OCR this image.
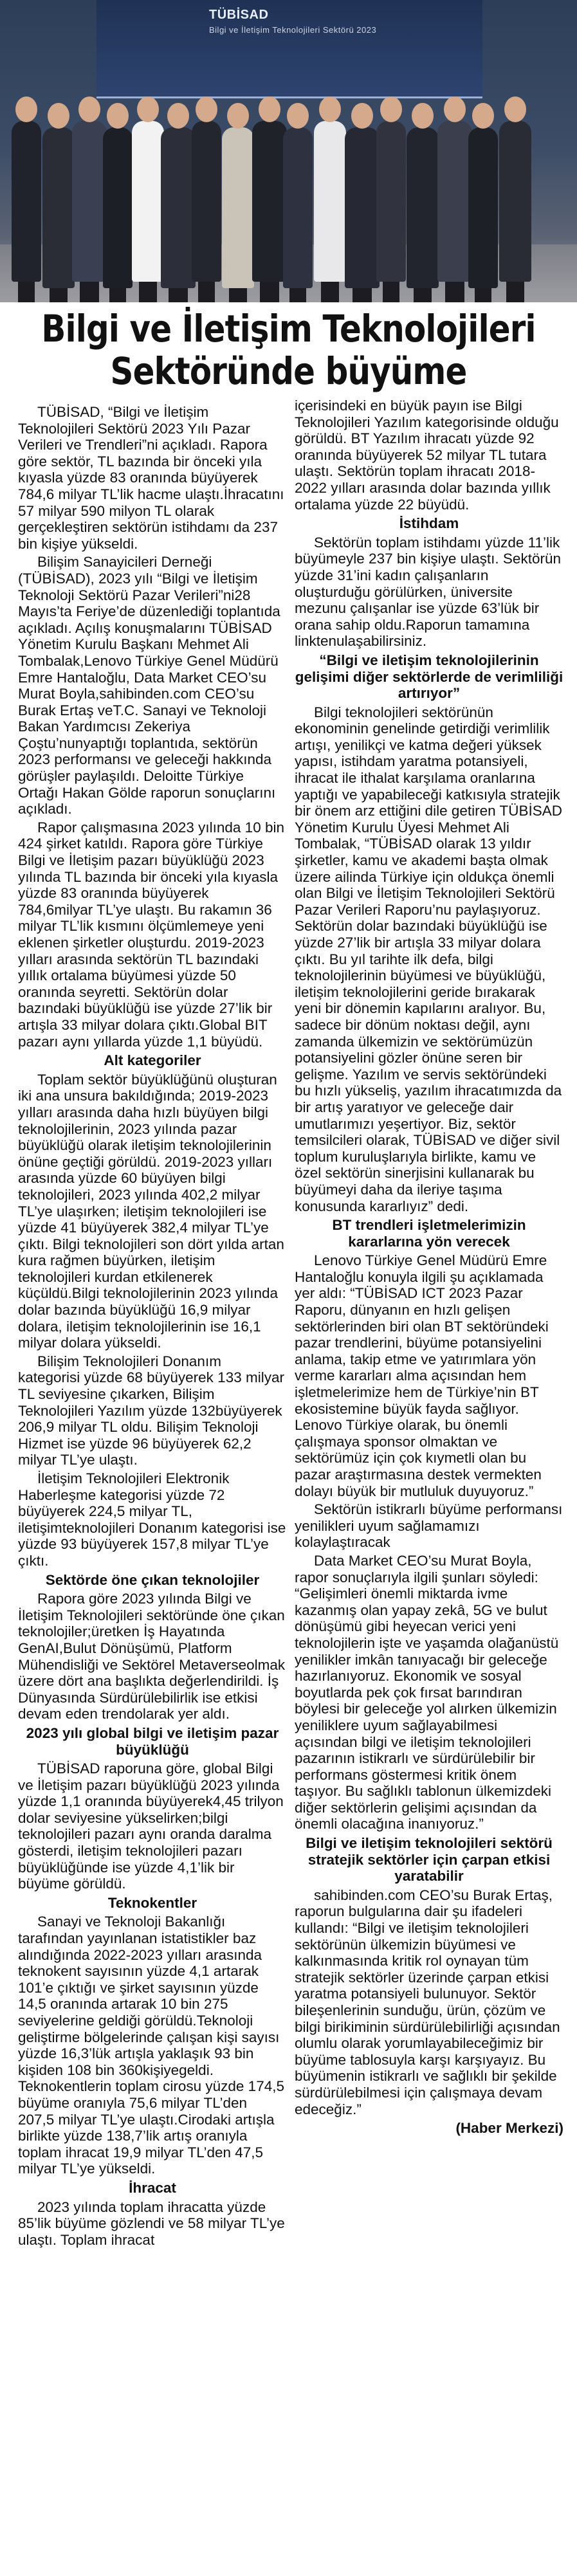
TÜBİSAD
Bilgi ve İletişim Teknolojileri Sektörü 2023
Bilgi ve İletişim Teknolojileri
Sektöründe büyüme

TÜBİSAD, “Bilgi ve İletişim Teknolojileri Sektörü 2023 Yılı Pazar Verileri ve Trendleri”ni açıkladı. Rapora göre sektör, TL bazında bir önceki yıla kıyasla yüzde 83 oranında büyüyerek 784,6 milyar TL’lik hacme ulaştı.İhracatını 57 milyar 590 milyon TL olarak gerçekleştiren sektörün istihdamı da 237 bin kişiye yükseldi.

Bilişim Sanayicileri Derneği (TÜBİSAD), 2023 yılı “Bilgi ve İletişim Teknoloji Sektörü Pazar Verileri”ni28 Mayıs’ta Feriye’de düzenlediği toplantıda açıkladı. Açılış konuşmalarını TÜBİSAD Yönetim Kurulu Başkanı Mehmet Ali Tombalak,Lenovo Türkiye Genel Müdürü Emre Hantaloğlu, Data Market CEO’su Murat Boyla,sahibinden.com CEO’su Burak Ertaş veT.C. Sanayi ve Teknoloji Bakan Yardımcısı Zekeriya Çoştu’nunyaptığı toplantıda, sektörün 2023 performansı ve geleceği hakkında görüşler paylaşıldı. Deloitte Türkiye Ortağı Hakan Gölde raporun sonuçlarını açıkladı.

Rapor çalışmasına 2023 yılında 10 bin 424 şirket katıldı. Rapora göre Türkiye Bilgi ve İletişim pazarı büyüklüğü 2023 yılında TL bazında bir önceki yıla kıyasla yüzde 83 oranında büyüyerek 784,6milyar TL’ye ulaştı. Bu rakamın 36 milyar TL’lik kısmını ölçümlemeye yeni eklenen şirketler oluşturdu. 2019-2023 yılları arasında sektörün TL bazındaki yıllık ortalama büyümesi yüzde 50 oranında seyretti. Sektörün dolar bazındaki büyüklüğü ise yüzde 27’lik bir artışla 33 milyar dolara çıktı.Global BIT pazarı aynı yıllarda yüzde 1,1 büyüdü.

Alt kategoriler

Toplam sektör büyüklüğünü oluşturan iki ana unsura bakıldığında; 2019-2023 yılları arasında daha hızlı büyüyen bilgi teknolojilerinin, 2023 yılında pazar büyüklüğü olarak iletişim teknolojilerinin önüne geçtiği görüldü. 2019-2023 yılları arasında yüzde 60 büyüyen bilgi teknolojileri, 2023 yılında 402,2 milyar TL’ye ulaşırken; iletişim teknolojileri ise yüzde 41 büyüyerek 382,4 milyar TL’ye çıktı. Bilgi teknolojileri son dört yılda artan kura rağmen büyürken, iletişim teknolojileri kurdan etkilenerek küçüldü.Bilgi teknolojilerinin 2023 yılında dolar bazında büyüklüğü 16,9 milyar dolara, iletişim teknolojilerinin ise 16,1 milyar dolara yükseldi.

Bilişim Teknolojileri Donanım kategorisi yüzde 68 büyüyerek 133 milyar TL seviyesine çıkarken, Bilişim Teknolojileri Yazılım yüzde 132büyüyerek 206,9 milyar TL oldu. Bilişim Teknoloji Hizmet ise yüzde 96 büyüyerek 62,2 milyar TL’ye ulaştı.

İletişim Teknolojileri Elektronik Haberleşme kategorisi yüzde 72 büyüyerek 224,5 milyar TL, iletişimteknolojileri Donanım kategorisi ise yüzde 93 büyüyerek 157,8 milyar TL’ye çıktı.

Sektörde öne çıkan teknolojiler

Rapora göre 2023 yılında Bilgi ve İletişim Teknolojileri sektöründe öne çıkan teknolojiler;üretken İş Hayatında GenAI,Bulut Dönüşümü, Platform Mühendisliği ve Sektörel Metaverseolmak üzere dört ana başlıkta değerlendirildi. İş Dünyasında Sürdürülebilirlik ise etkisi devam eden trendolarak yer aldı.

2023 yılı global bilgi ve iletişim pazar büyüklüğü

TÜBİSAD raporuna göre, global Bilgi ve İletişim pazarı büyüklüğü 2023 yılında yüzde 1,1 oranında büyüyerek4,45 trilyon dolar seviyesine yükselirken;bilgi teknolojileri pazarı aynı oranda daralma gösterdi, iletişim teknolojileri pazarı büyüklüğünde ise yüzde 4,1’lik bir büyüme görüldü.

Teknokentler

Sanayi ve Teknoloji Bakanlığı tarafından yayınlanan istatistikler baz alındığında 2022-2023 yılları arasında teknokent sayısının yüzde 4,1 artarak 101’e çıktığı ve şirket sayısının yüzde 14,5 oranında artarak 10 bin 275 seviyelerine geldiği görüldü.Teknoloji geliştirme bölgelerinde çalışan kişi sayısı yüzde 16,3’lük artışla yaklaşık 93 bin kişiden 108 bin 360kişiyegeldi. Teknokentlerin toplam cirosu yüzde 174,5 büyüme oranıyla 75,6 milyar TL’den 207,5 milyar TL’ye ulaştı.Cirodaki artışla birlikte yüzde 138,7’lik artış oranıyla toplam ihracat 19,9 milyar TL’den 47,5 milyar TL’ye yükseldi.

İhracat

2023 yılında toplam ihracatta yüzde 85’lik büyüme gözlendi ve 58 milyar TL’ye ulaştı. Toplam ihracat

içerisindeki en büyük payın ise Bilgi Teknolojileri Yazılım kategorisinde olduğu görüldü. BT Yazılım ihracatı yüzde 92 oranında büyüyerek 52 milyar TL tutara ulaştı. Sektörün toplam ihracatı 2018-2022 yılları arasında dolar bazında yıllık ortalama yüzde 22 büyüdü.

İstihdam

Sektörün toplam istihdamı yüzde 11’lik büyümeyle 237 bin kişiye ulaştı. Sektörün yüzde 31’ini kadın çalışanların oluşturduğu görülürken, üniversite mezunu çalışanlar ise yüzde 63’lük bir orana sahip oldu.Raporun tamamına linktenulaşabilirsiniz.

“Bilgi ve iletişim teknolojilerinin gelişimi diğer sektörlerde de verimliliği artırıyor”

Bilgi teknolojileri sektörünün ekonominin genelinde getirdiği verimlilik artışı, yenilikçi ve katma değeri yüksek yapısı, istihdam yaratma potansiyeli, ihracat ile ithalat karşılama oranlarına yaptığı ve yapabileceği katkısıyla stratejik bir önem arz ettiğini dile getiren TÜBİSAD Yönetim Kurulu Üyesi Mehmet Ali Tombalak, “TÜBİSAD olarak 13 yıldır şirketler, kamu ve akademi başta olmak üzere ailinda Türkiye için oldukça önemli olan Bilgi ve İletişim Teknolojileri Sektörü Pazar Verileri Raporu’nu paylaşıyoruz. Sektörün dolar bazındaki büyüklüğü ise yüzde 27’lik bir artışla 33 milyar dolara çıktı. Bu yıl tarihte ilk defa, bilgi teknolojilerinin büyümesi ve büyüklüğü, iletişim teknolojilerini geride bırakarak yeni bir dönemin kapılarını aralıyor. Bu, sadece bir dönüm noktası değil, aynı zamanda ülkemizin ve sektörümüzün potansiyelini gözler önüne seren bir gelişme. Yazılım ve servis sektöründeki bu hızlı yükseliş, yazılım ihracatımızda da bir artış yaratıyor ve geleceğe dair umutlarımızı yeşertiyor. Biz, sektör temsilcileri olarak, TÜBİSAD ve diğer sivil toplum kuruluşlarıyla birlikte, kamu ve özel sektörün sinerjisini kullanarak bu büyümeyi daha da ileriye taşıma konusunda kararlıyız” dedi.

BT trendleri işletmelerimizin kararlarına yön verecek

Lenovo Türkiye Genel Müdürü Emre Hantaloğlu konuyla ilgili şu açıklamada yer aldı: “TÜBİSAD ICT 2023 Pazar Raporu, dünyanın en hızlı gelişen sektörlerinden biri olan BT sektöründeki pazar trendlerini, büyüme potansiyelini anlama, takip etme ve yatırımlara yön verme kararları alma açısından hem işletmelerimize hem de Türkiye’nin BT ekosistemine büyük fayda sağlıyor. Lenovo Türkiye olarak, bu önemli çalışmaya sponsor olmaktan ve sektörümüz için çok kıymetli olan bu pazar araştırmasına destek vermekten dolayı büyük bir mutluluk duyuyoruz.”

Sektörün istikrarlı büyüme performansı yenilikleri uyum sağlamamızı kolaylaştıracak

Data Market CEO’su Murat Boyla, rapor sonuçlarıyla ilgili şunları söyledi: “Gelişimleri önemli miktarda ivme kazanmış olan yapay zekâ, 5G ve bulut dönüşümü gibi heyecan verici yeni teknolojilerin işte ve yaşamda olağanüstü yenilikler imkân tanıyacağı bir geleceğe hazırlanıyoruz. Ekonomik ve sosyal boyutlarda pek çok fırsat barındıran böylesi bir geleceğe yol alırken ülkemizin yeniliklere uyum sağlayabilmesi açısından bilgi ve iletişim teknolojileri pazarının istikrarlı ve sürdürülebilir bir performans göstermesi kritik önem taşıyor. Bu sağlıklı tablonun ülkemizdeki diğer sektörlerin gelişimi açısından da önemli olacağına inanıyoruz.”

Bilgi ve iletişim teknolojileri sektörü stratejik sektörler için çarpan etkisi yaratabilir

sahibinden.com CEO’su Burak Ertaş, raporun bulgularına dair şu ifadeleri kullandı: “Bilgi ve iletişim teknolojileri sektörünün ülkemizin büyümesi ve kalkınmasında kritik rol oynayan tüm stratejik sektörler üzerinde çarpan etkisi yaratma potansiyeli bulunuyor. Sektör bileşenlerinin sunduğu, ürün, çözüm ve bilgi birikiminin sürdürülebilirliği açısından olumlu olarak yorumlayabileceğimiz bir büyüme tablosuyla karşı karşıyayız. Bu büyümenin istikrarlı ve sağlıklı bir şekilde sürdürülebilmesi için çalışmaya devam edeceğiz.”

(Haber Merkezi)
